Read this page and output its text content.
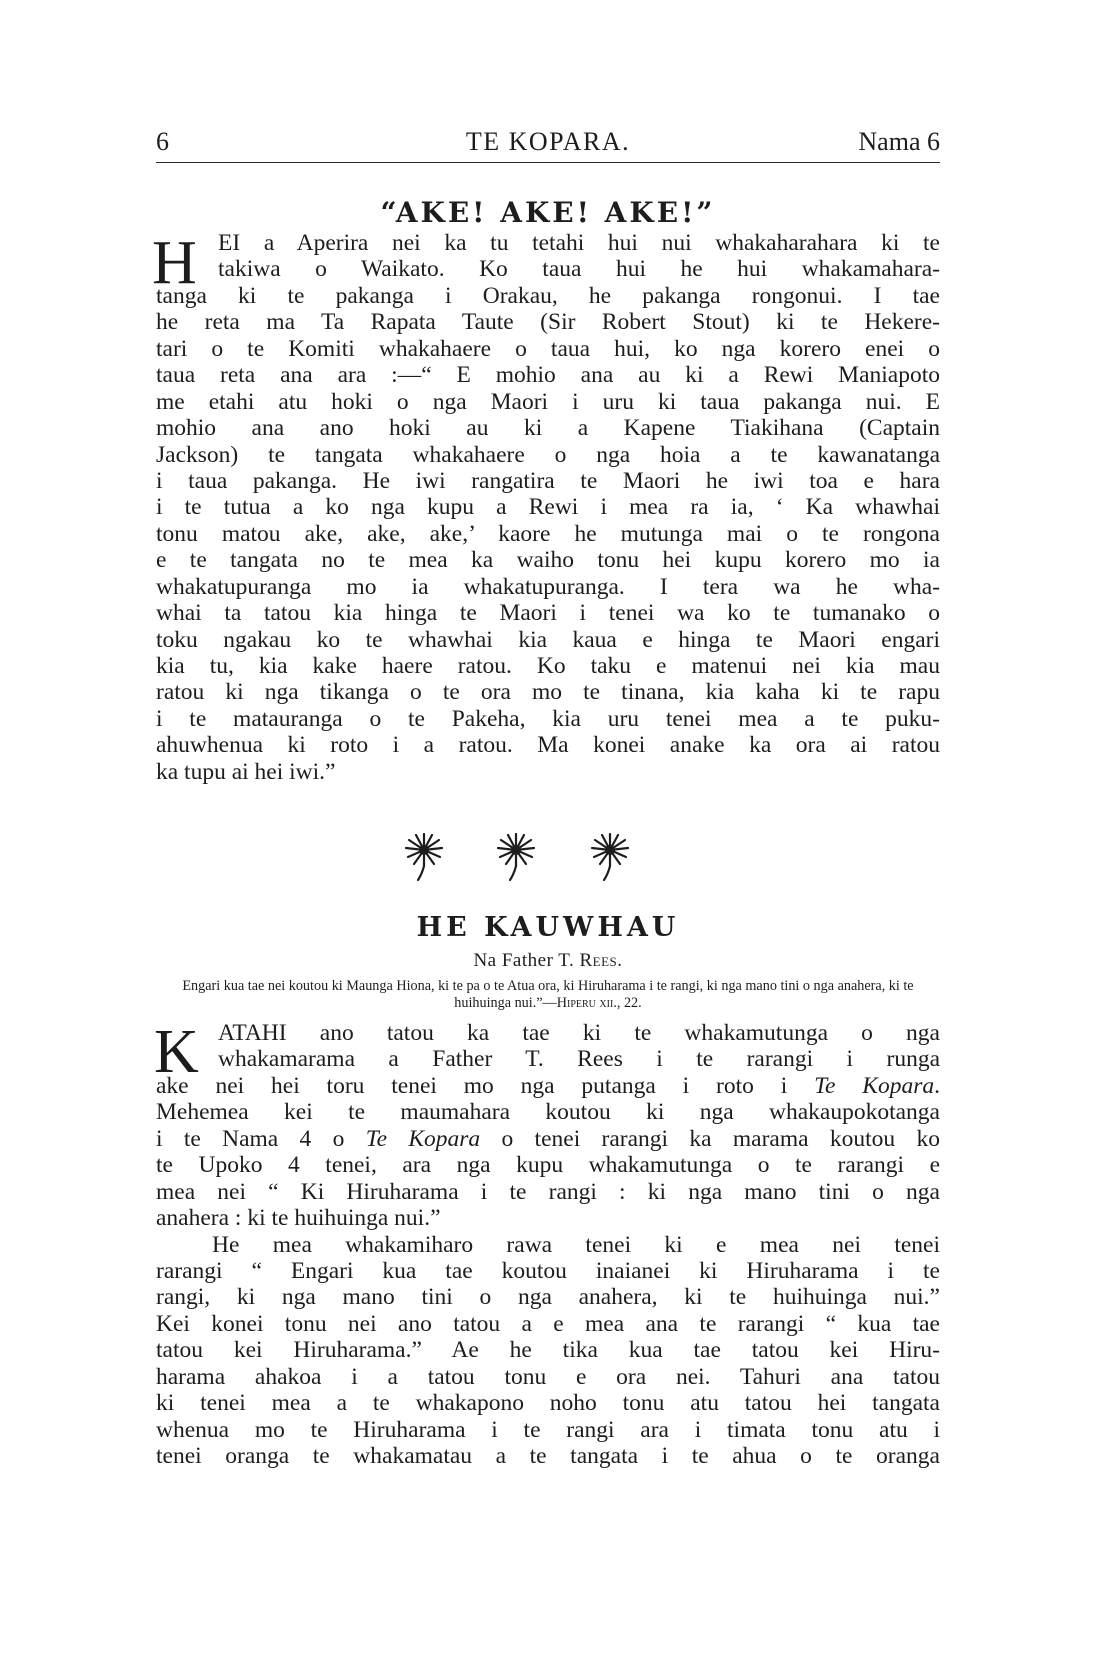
6	TE KOPARA.	Nama 6
“AKE! AKE! AKE!”
H EI a Aperira nei ka tu tetahi hui nui whakaharahara ki te
takiwa o Waikato. Ko taua hui he hui whakamahara-
tanga ki te pakanga i Orakau, he pakanga rongonui. I tae
he reta ma Ta Rapata Taute (Sir Robert Stout) ki te Hekere-
tari o te Komiti whakahaere o taua hui, ko nga korero enei o
taua reta ana ara :—“ E mohio ana au ki a Rewi Maniapoto
me etahi atu hoki o nga Maori i uru ki taua pakanga nui. E
mohio ana ano hoki au ki a Kapene Tiakihana (Captain
Jackson) te tangata whakahaere o nga hoia a te kawanatanga
i taua pakanga. He iwi rangatira te Maori he iwi toa e hara
i te tutua a ko nga kupu a Rewi i mea ra ia, ‘ Ka whawhai
tonu matou ake, ake, ake,’ kaore he mutunga mai o te rongona
e te tangata no te mea ka waiho tonu hei kupu korero mo ia
whakatupuranga mo ia whakatupuranga. I tera wa he wha-
whai ta tatou kia hinga te Maori i tenei wa ko te tumanako o
toku ngakau ko te whawhai kia kaua e hinga te Maori engari
kia tu, kia kake haere ratou. Ko taku e matenui nei kia mau
ratou ki nga tikanga o te ora mo te tinana, kia kaha ki te rapu
i te matauranga o te Pakeha, kia uru tenei mea a te puku-
ahuwhenua ki roto i a ratou. Ma konei anake ka ora ai ratou
ka tupu ai hei iwi.”
HE KAUWHAU
Na Father T. Rees.
Engari kua tae nei koutou ki Maunga Hiona, ki te pa o te Atua ora, ki Hiruharama i te rangi, ki nga mano tini o nga anahera, ki te huihuinga nui.”—Hiperu xii., 22.
K ATAHI ano tatou ka tae ki te whakamutunga o nga
whakamarama a Father T. Rees i te rarangi i runga
ake nei hei toru tenei mo nga putanga i roto i Te Kopara.
Mehemea kei te maumahara koutou ki nga whakaupokotanga
i te Nama 4 o Te Kopara o tenei rarangi ka marama koutou ko
te Upoko 4 tenei, ara nga kupu whakamutunga o te rarangi e
mea nei “ Ki Hiruharama i te rangi : ki nga mano tini o nga
anahera : ki te huihuinga nui.”
He mea whakamiharo rawa tenei ki e mea nei tenei
rarangi “ Engari kua tae koutou inaianei ki Hiruharama i te
rangi, ki nga mano tini o nga anahera, ki te huihuinga nui.”
Kei konei tonu nei ano tatou a e mea ana te rarangi “ kua tae
tatou kei Hiruharama.” Ae he tika kua tae tatou kei Hiru-
harama ahakoa i a tatou tonu e ora nei. Tahuri ana tatou
ki tenei mea a te whakapono noho tonu atu tatou hei tangata
whenua mo te Hiruharama i te rangi ara i timata tonu atu i
tenei oranga te whakamatau a te tangata i te ahua o te oranga
